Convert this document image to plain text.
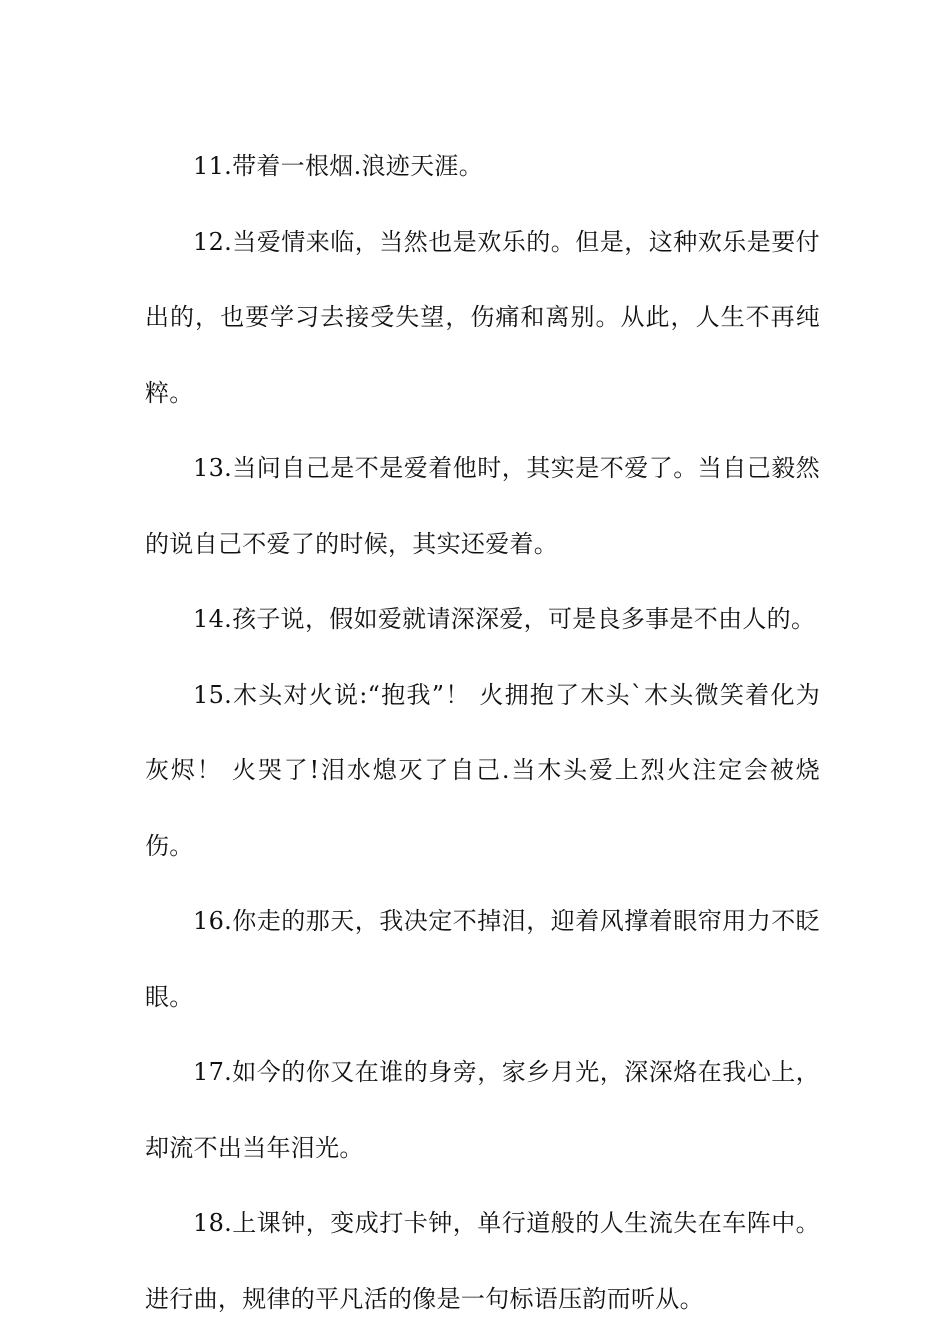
11.带着一根烟.浪迹天涯。

12.当爱情来临，当然也是欢乐的。但是，这种欢乐是要付出的，也要学习去接受失望，伤痛和离别。从此，人生不再纯粹。

13.当问自己是不是爱着他时，其实是不爱了。当自己毅然的说自己不爱了的时候，其实还爱着。

14.孩子说，假如爱就请深深爱，可是良多事是不由人的。

15.木头对火说:“抱我”！ 火拥抱了木头`木头微笑着化为灰烬！ 火哭了!泪水熄灭了自己.当木头爱上烈火注定会被烧伤。

16.你走的那天，我决定不掉泪，迎着风撑着眼帘用力不眨眼。

17.如今的你又在谁的身旁，家乡月光，深深烙在我心上，却流不出当年泪光。

18.上课钟，变成打卡钟，单行道般的人生流失在车阵中。进行曲，规律的平凡活的像是一句标语压韵而听从。
